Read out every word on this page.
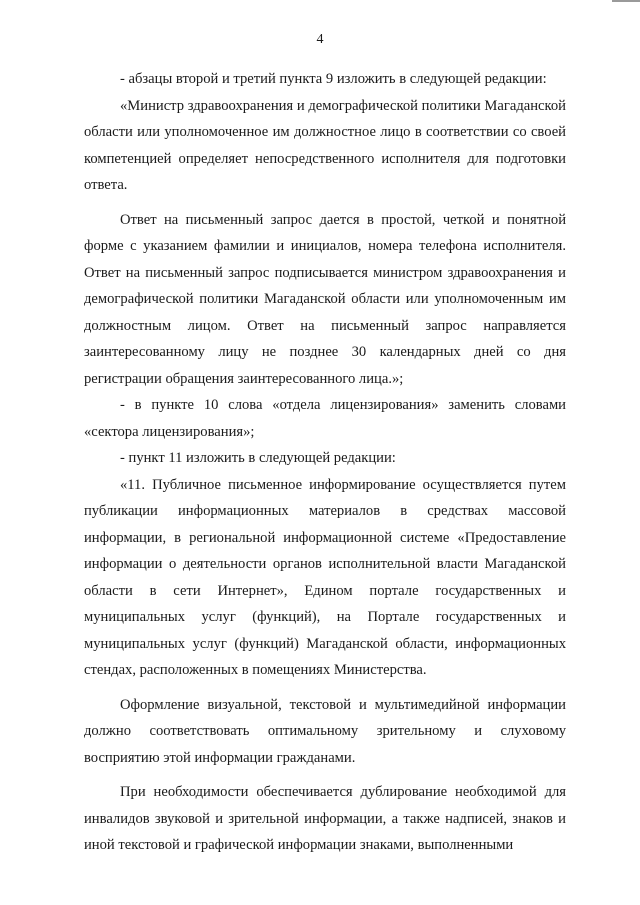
4

- абзацы второй и третий пункта 9 изложить в следующей редакции:

«Министр здравоохранения и демографической политики Магаданской области или уполномоченное им должностное лицо в соответствии со своей компетенцией определяет непосредственного исполнителя для подготовки ответа.

Ответ на письменный запрос дается в простой, четкой и понятной форме с указанием фамилии и инициалов, номера телефона исполнителя. Ответ на письменный запрос подписывается министром здравоохранения и демографической политики Магаданской области или уполномоченным им должностным лицом. Ответ на письменный запрос направляется заинтересованному лицу не позднее 30 календарных дней со дня регистрации обращения заинтересованного лица.»;

- в пункте 10 слова «отдела лицензирования» заменить словами «сектора лицензирования»;

- пункт 11 изложить в следующей редакции:

«11. Публичное письменное информирование осуществляется путем публикации информационных материалов в средствах массовой информации, в региональной информационной системе «Предоставление информации о деятельности органов исполнительной власти Магаданской области в сети Интернет», Едином портале государственных и муниципальных услуг (функций), на Портале государственных и муниципальных услуг (функций) Магаданской области, информационных стендах, расположенных в помещениях Министерства.

Оформление визуальной, текстовой и мультимедийной информации должно соответствовать оптимальному зрительному и слуховому восприятию этой информации гражданами.

При необходимости обеспечивается дублирование необходимой для инвалидов звуковой и зрительной информации, а также надписей, знаков и иной текстовой и графической информации знаками, выполненными
